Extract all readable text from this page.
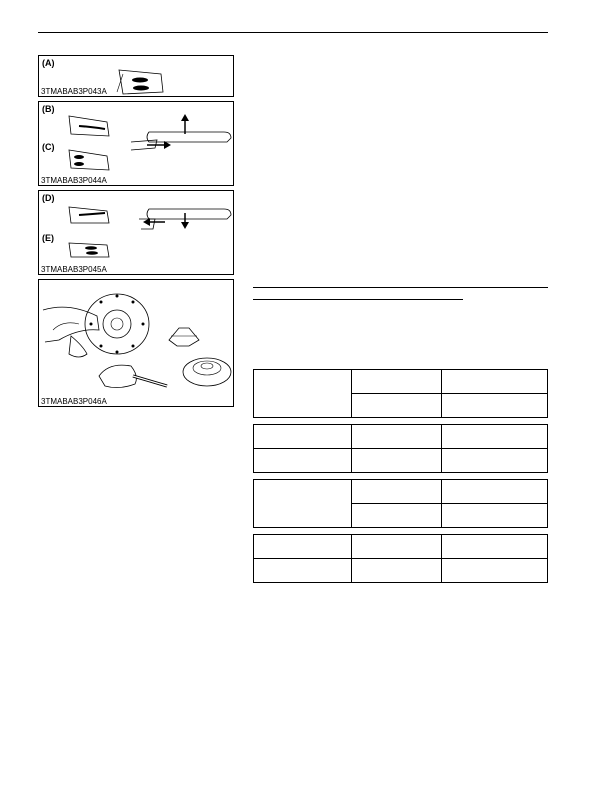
(A)
3TMABAB3P043A
(B)
(C)
3TMABAB3P044A
(D)
(E)
3TMABAB3P045A
3TMABAB3P046A
